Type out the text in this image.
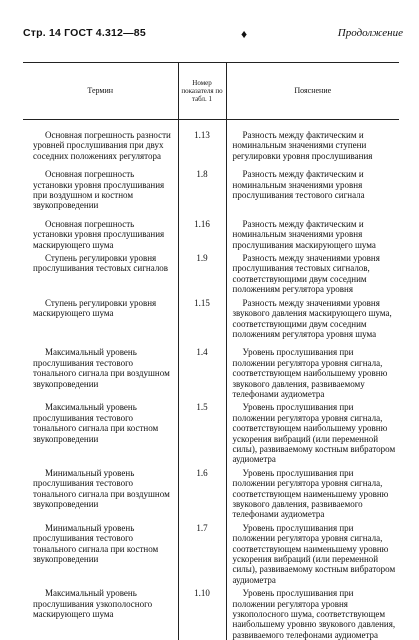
Стр. 14 ГОСТ 4.312—85	♦	Продолжение
Термин	Номер показателя по табл. 1	Пояснение

Основная погрешность разности уровней прослушивания при двух соседних положениях регулятора	1.13	Разность между фактическим и номинальным значениями ступени регулировки уровня прослушивания

Основная погрешность установки уровня прослушивания при воздушном и костном звукопроведении	1.8	Разность между фактическим и номинальным значениями уровня прослушивания тестового сигнала

Основная погрешность установки уровня прослушивания маскирующего шума	1.16	Разность между фактическим и номинальным значениями уровня прослушивания маскирующего шума

Ступень регулировки уровня прослушивания тестовых сигналов	1.9	Разность между значениями уровня прослушивания тестовых сигналов, соответствующими двум соседним положениям регулятора уровня

Ступень регулировки уровня маскирующего шума	1.15	Разность между значениями уровня звукового давления маскирующего шума, соответствующими двум соседним положениям регулятора уровня шума

Максимальный уровень прослушивания тестового тонального сигнала при воздушном звукопроведении	1.4	Уровень прослушивания при положении регулятора уровня сигнала, соответствующем наибольшему уровню звукового давления, развиваемому телефонами аудиометра

Максимальный уровень прослушивания тестового тонального сигнала при костном звукопроведении	1.5	Уровень прослушивания при положении регулятора уровня сигнала, соответствующем наибольшему уровню ускорения вибраций (или переменной силы), развиваемому костным вибратором аудиометра

Минимальный уровень прослушивания тестового тонального сигнала при воздушном звукопроведении	1.6	Уровень прослушивания при положении регулятора уровня сигнала, соответствующем наименьшему уровню звукового давления, развиваемого телефонами аудиометра

Минимальный уровень прослушивания тестового тонального сигнала при костном звукопроведении	1.7	Уровень прослушивания при положении регулятора уровня сигнала, соответствующем наименьшему уровню ускорения вибраций (или переменной силы), развиваемому костным вибратором аудиометра

Максимальный уровень прослушивания узкополосного маскирующего шума	1.10	Уровень прослушивания при положении регулятора уровня узкополосного шума, соответствующем наибольшему уровню звукового давления, развиваемого телефонами аудиометра
